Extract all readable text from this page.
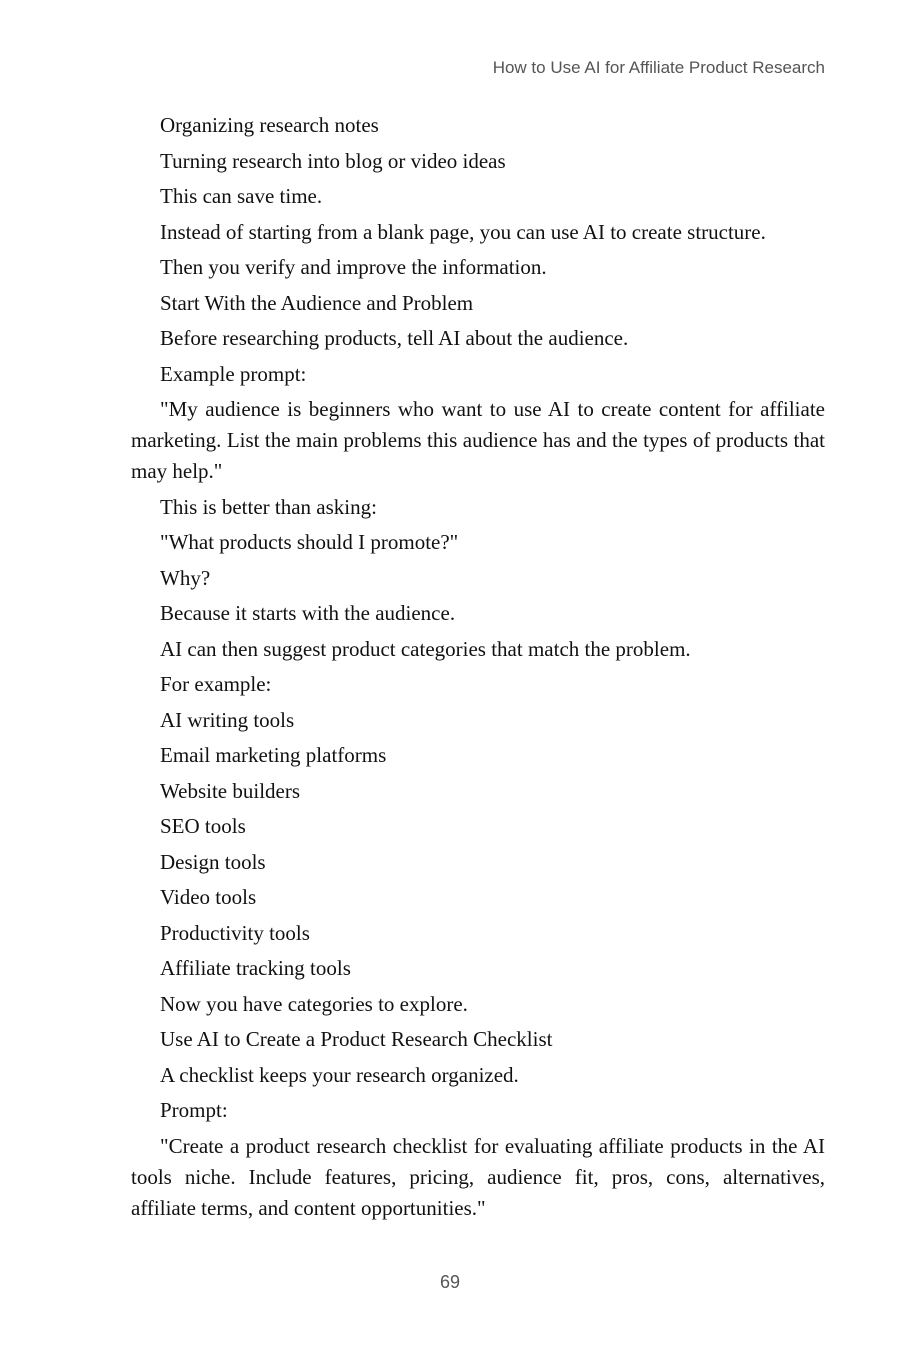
How to Use AI for Affiliate Product Research

Organizing research notes

Turning research into blog or video ideas

This can save time.

Instead of starting from a blank page, you can use AI to create structure.

Then you verify and improve the information.

Start With the Audience and Problem

Before researching products, tell AI about the audience.

Example prompt:

"My audience is beginners who want to use AI to create content for affiliate marketing. List the main problems this audience has and the types of products that may help."

This is better than asking:

"What products should I promote?"

Why?

Because it starts with the audience.

AI can then suggest product categories that match the problem.

For example:

AI writing tools

Email marketing platforms

Website builders

SEO tools

Design tools

Video tools

Productivity tools

Affiliate tracking tools

Now you have categories to explore.

Use AI to Create a Product Research Checklist

A checklist keeps your research organized.

Prompt:

"Create a product research checklist for evaluating affiliate products in the AI tools niche. Include features, pricing, audience fit, pros, cons, alternatives, affiliate terms, and content opportunities."

69
